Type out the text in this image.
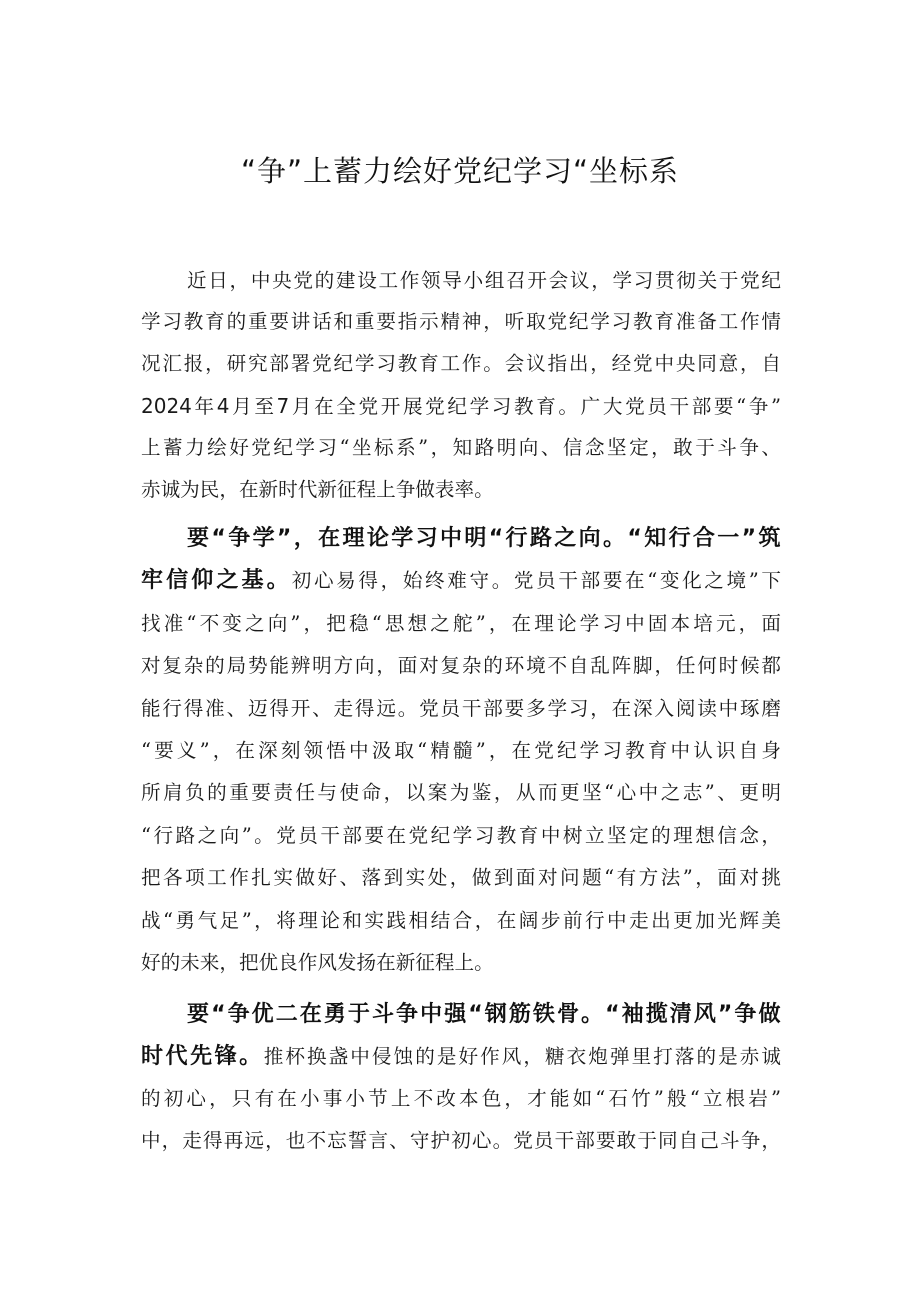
“争”上蓄力绘好党纪学习“坐标系
近日，中央党的建设工作领导小组召开会议，学习贯彻关于党纪
学习教育的重要讲话和重要指示精神，听取党纪学习教育准备工作情
况汇报，研究部署党纪学习教育工作。会议指出，经党中央同意，自
2024年4月至7月在全党开展党纪学习教育。广大党员干部要“争”
上蓄力绘好党纪学习“坐标系”，知路明向、信念坚定，敢于斗争、
赤诚为民，在新时代新征程上争做表率。
要“争学”，在理论学习中明“行路之向。“知行合一”筑
牢信仰之基。初心易得，始终难守。党员干部要在“变化之境”下
找准“不变之向”，把稳“思想之舵”，在理论学习中固本培元，面
对复杂的局势能辨明方向，面对复杂的环境不自乱阵脚，任何时候都
能行得准、迈得开、走得远。党员干部要多学习，在深入阅读中琢磨
“要义”，在深刻领悟中汲取“精髓”，在党纪学习教育中认识自身
所肩负的重要责任与使命，以案为鉴，从而更坚“心中之志”、更明
“行路之向”。党员干部要在党纪学习教育中树立坚定的理想信念，
把各项工作扎实做好、落到实处，做到面对问题“有方法”，面对挑
战“勇气足”，将理论和实践相结合，在阔步前行中走出更加光辉美
好的未来，把优良作风发扬在新征程上。
要“争优二在勇于斗争中强“钢筋铁骨。“袖揽清风”争做
时代先锋。推杯换盏中侵蚀的是好作风，糖衣炮弹里打落的是赤诚
的初心，只有在小事小节上不改本色，才能如“石竹”般“立根岩”
中，走得再远，也不忘誓言、守护初心。党员干部要敢于同自己斗争，
